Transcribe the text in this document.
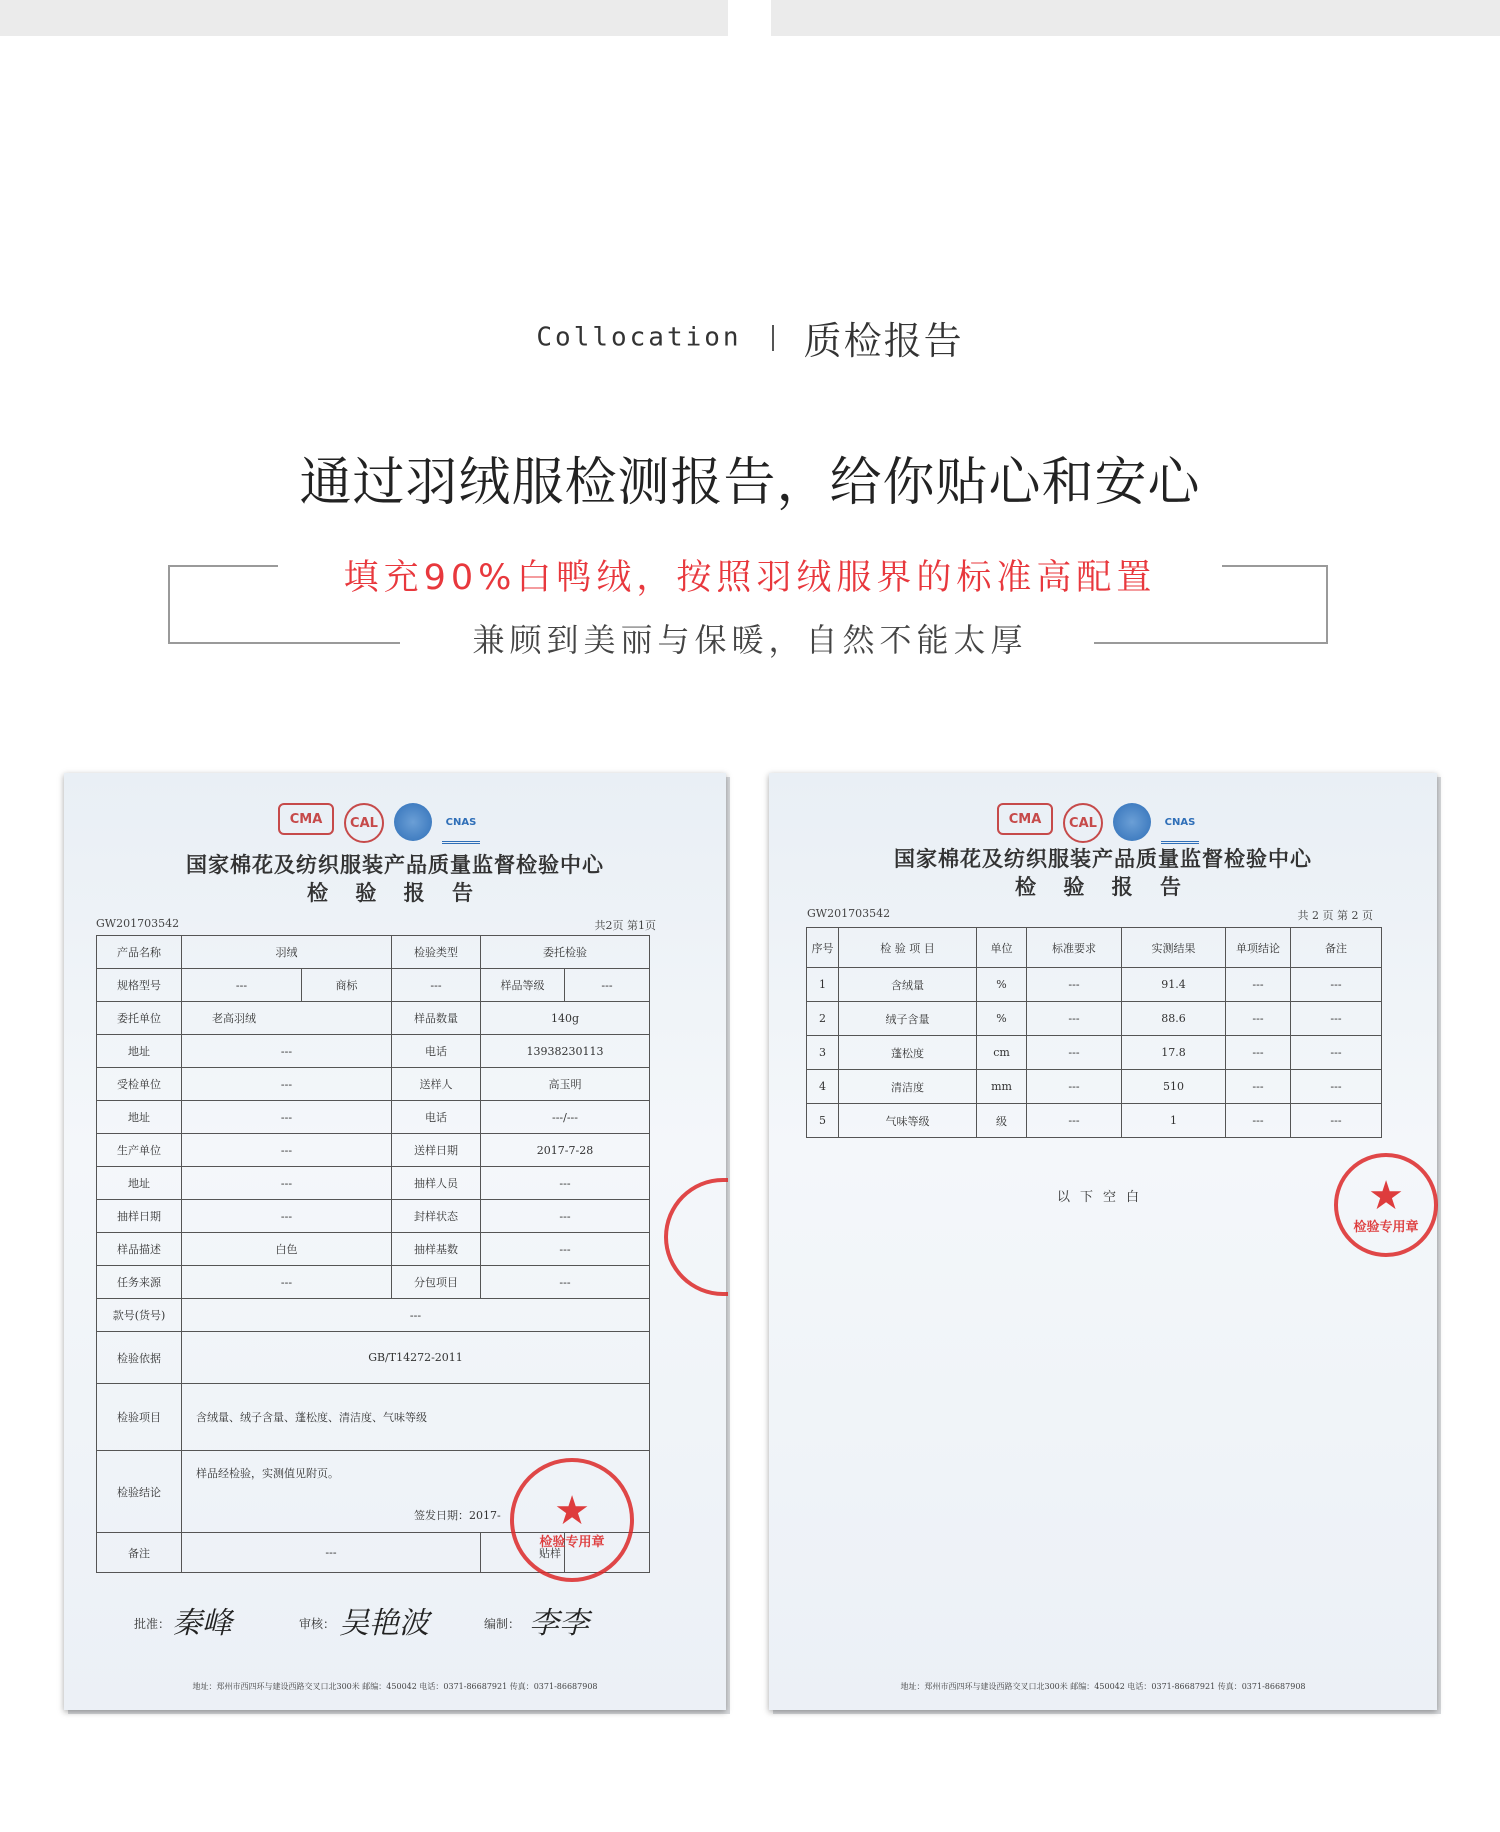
Collocation 质检报告
通过羽绒服检测报告，给你贴心和安心
填充90%白鸭绒，按照羽绒服界的标准高配置
兼顾到美丽与保暖，自然不能太厚
CMA	CAL	CNAS
国家棉花及纺织服装产品质量监督检验中心
检 验 报 告
GW201703542	共2页 第1页
产品名称	羽绒		检验类型	委托检验	
规格型号	---	商标	---	样品等级	---
委托单位	老高羽绒		样品数量	140g	
地址	---		电话	13938230113	
受检单位	---		送样人	高玉明	
地址	---		电话	---/---	
生产单位	---		送样日期	2017-7-28	
地址	---		抽样人员	---	
抽样日期	---		封样状态	---	
样品描述	白色		抽样基数	---	
任务来源	---		分包项目	---	
款号(货号)	---				
检验依据	GB/T14272-2011				
检验项目	含绒量、绒子含量、蓬松度、清洁度、气味等级				
检验结论	样品经检验，实测值见附页。
签发日期：2017-				

备注	---			贴样	
★
检验专用章
批准： 秦峰	审核： 吴艳波	编制： 李李
地址：郑州市西四环与建设西路交叉口北300米 邮编：450042 电话：0371-86687921 传真：0371-86687908
CMA	CAL	CNAS
国家棉花及纺织服装产品质量监督检验中心
检 验 报 告
GW201703542	共 2 页 第 2 页
序号	检 验 项 目	单位	标准要求	实测结果	单项结论	备注
1	含绒量	%	---	91.4	---	---
2	绒子含量	%	---	88.6	---	---
3	蓬松度	cm	---	17.8	---	---
4	清洁度	mm	---	510	---	---
5	气味等级	级	---	1	---	---
以下空白	★
检验专用章
地址：郑州市西四环与建设西路交叉口北300米 邮编：450042 电话：0371-86687921 传真：0371-86687908
